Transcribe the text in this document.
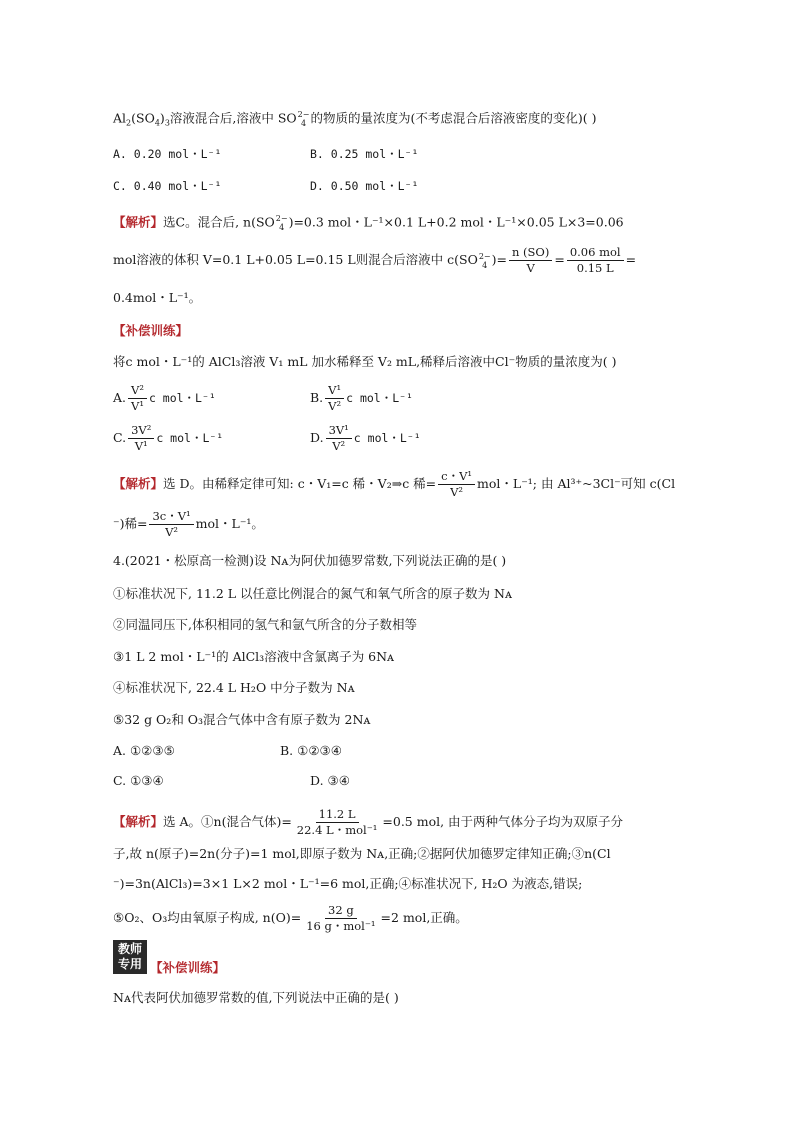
$Al_2(SO_4)_3$溶液混合后,溶液中 SO 2−
4 的物质的量浓度为(不考虑混合后溶液密度的变化)( )
A. 0.20 mol・L⁻¹	B. 0.25 mol・L⁻¹
C. 0.40 mol・L⁻¹	D. 0.50 mol・L⁻¹
【解析】选C。混合后, n(SO 2−
4 )=0.3 mol・L⁻¹×0.1 L+0.2 mol・L⁻¹×0.05 L×3=0.06
mol溶液的体积 V=0.1 L+0.05 L=0.15 L则混合后溶液中 c(SO 2−
4 )= $\frac{n (SO)}{V} = \frac{\text{0.06 mol}}{0.15 L}$ =
0.4mol・L⁻¹。
【补偿训练】
将c mol・L⁻¹的 AlCl₃溶液 V₁ mL 加水稀释至 V₂ mL,稀释后溶液中Cl⁻物质的量浓度为( )
A. $\frac{\text{V²}}{\text{V¹}}$ c mol・L⁻¹	B. $\frac{\text{V¹}}{\text{V²}}$ c mol・L⁻¹
C. $\frac{\text{3V²}}{\text{V¹}}$ c mol・L⁻¹	D. $\frac{\text{3V¹}}{\text{V²}}$ c mol・L⁻¹
【解析】选 D。由稀释定律可知: c・V₁=c 稀・V₂⇒c 稀= $\frac{\text{c・V¹}}{\text{V²}}$ mol・L⁻¹; 由 Al³⁺~3Cl⁻可知 c(Cl
⁻)稀= $\frac{\text{3c・V¹}}{\text{V²}}$ mol・L⁻¹。
4.(2021・松原高一检测)设 Nᴀ为阿伏加德罗常数,下列说法正确的是( )
①标准状况下, 11.2 L 以任意比例混合的氮气和氧气所含的原子数为 Nᴀ
②同温同压下,体积相同的氢气和氩气所含的分子数相等
③1 L 2 mol・L⁻¹的 AlCl₃溶液中含氯离子为 6Nᴀ
④标准状况下, 22.4 L H₂O 中分子数为 Nᴀ
⑤32 g O₂和 O₃混合气体中含有原子数为 2Nᴀ
A. ①②③⑤	B. ①②③④
C. ①③④	D. ③④
【解析】选 A。①n(混合气体)= $\frac{11.2 L}{\text{22.4 L・mol⁻¹}} =0.5$ mol, 由于两种气体分子均为双原子分
子,故 n(原子)=2n(分子)=1 mol,即原子数为 Nᴀ,正确;②据阿伏加德罗定律知正确;③n(Cl
⁻)=3n(AlCl₃)=3×1 L×2 mol・L⁻¹=6 mol,正确;④标准状况下, H₂O 为液态,错误;
⑤O₂、O₃均由氧原子构成, $n(O)= \frac{32 g}{\text{16 g・mol⁻¹}} =2$ mol,正确。
教师
专用 【补偿训练】
Nᴀ代表阿伏加德罗常数的值,下列说法中正确的是( )
